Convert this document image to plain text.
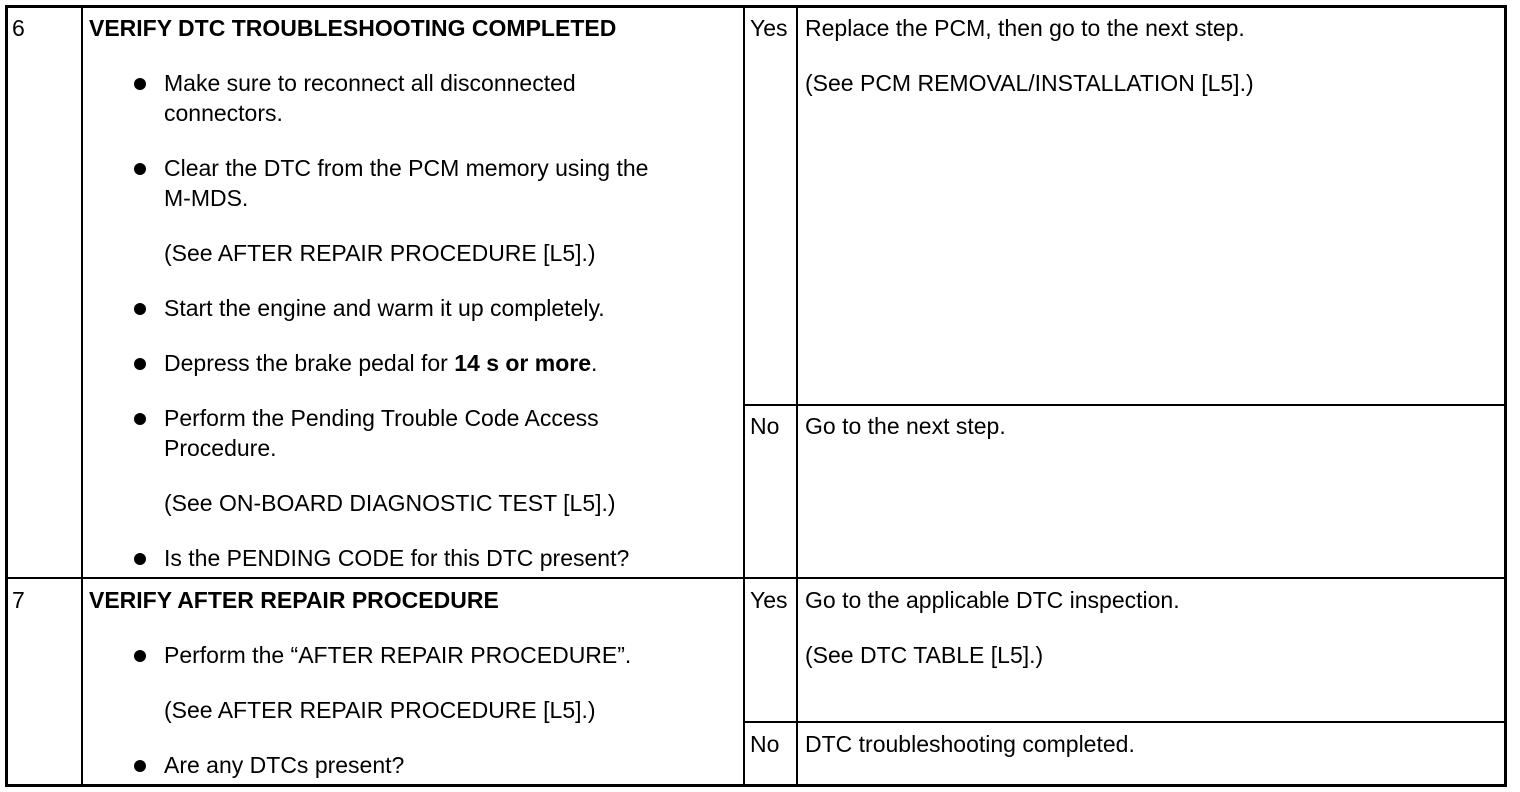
6	VERIFY DTC TROUBLESHOOTING COMPLETED
Make sure to reconnect all disconnected
connectors.
Clear the DTC from the PCM memory using the
M-MDS.
(See AFTER REPAIR PROCEDURE [L5].)
Start the engine and warm it up completely.
Depress the brake pedal for 14 s or more.
Perform the Pending Trouble Code Access
Procedure.
(See ON-BOARD DIAGNOSTIC TEST [L5].)
Is the PENDING CODE for this DTC present?
Yes Replace the PCM, then go to the next step.
(See PCM REMOVAL/INSTALLATION [L5].)
No Go to the next step.
7	VERIFY AFTER REPAIR PROCEDURE
Perform the “AFTER REPAIR PROCEDURE”.
(See AFTER REPAIR PROCEDURE [L5].)
Are any DTCs present?
Yes Go to the applicable DTC inspection.
(See DTC TABLE [L5].)
No DTC troubleshooting completed.
